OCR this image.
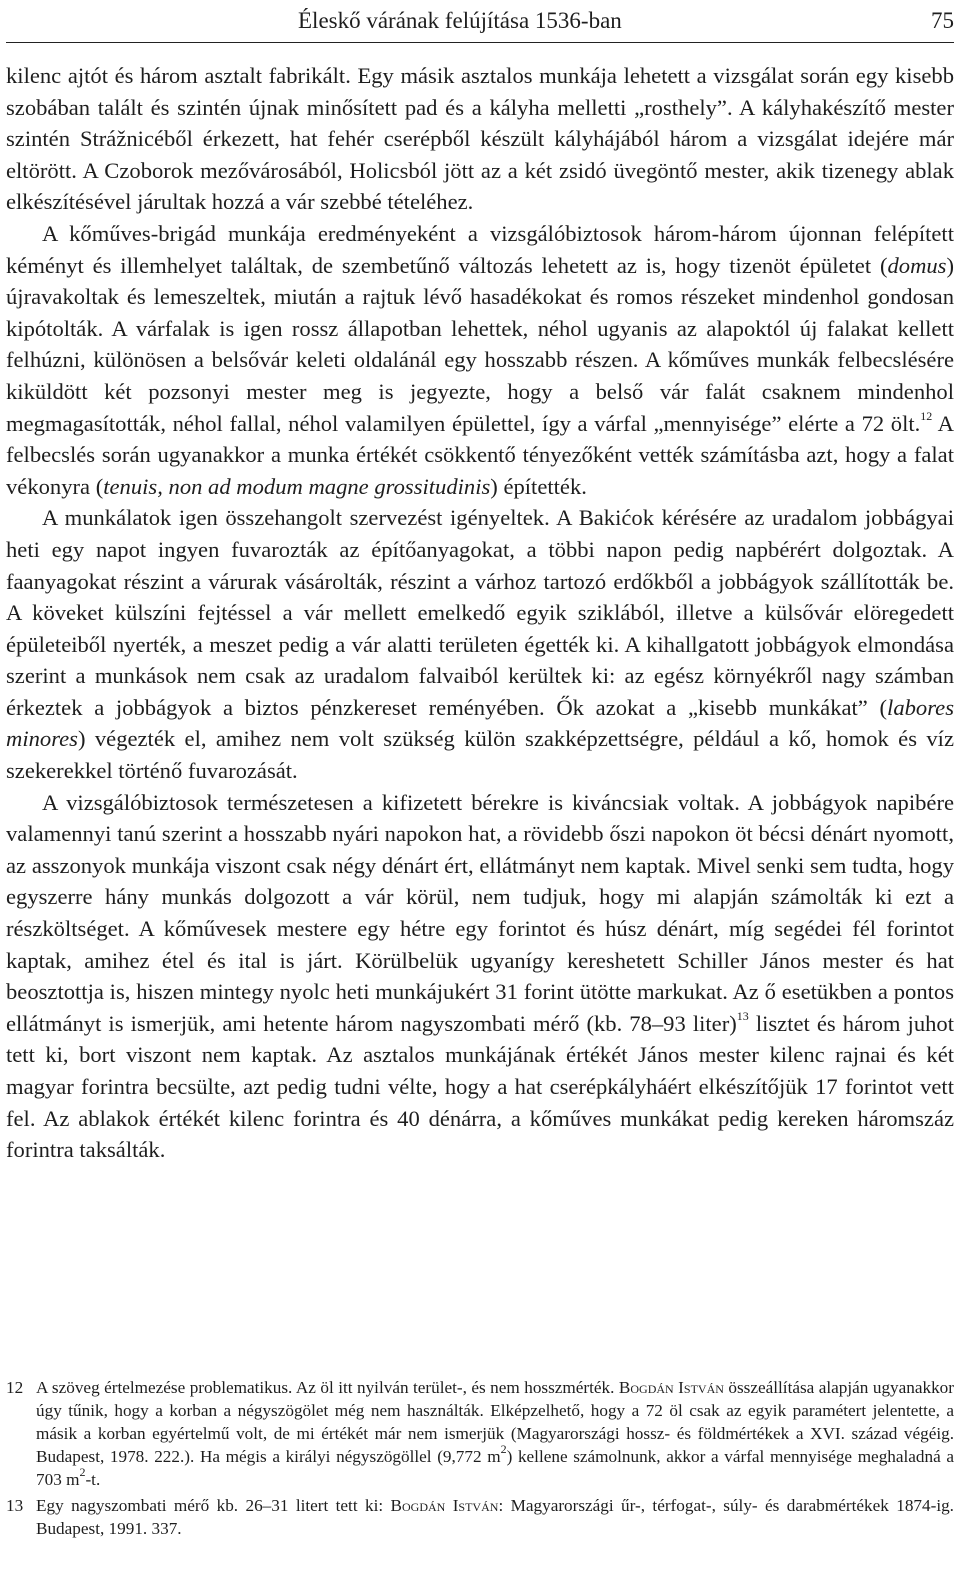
Éleskő várának felújítása 1536-ban	75

kilenc ajtót és három asztalt fabrikált. Egy másik asztalos munkája lehetett a vizsgálat során egy kisebb szobában talált és szintén újnak minősített pad és a kályha melletti „rosthely”. A kályhakészítő mester szintén Strážnicéből érkezett, hat fehér cserépből készült kályhájából három a vizsgálat idejére már eltörött. A Czoborok mezővárosából, Holicsból jött az a két zsidó üvegöntő mester, akik tizenegy ablak elkészítésével járultak hozzá a vár szebbé tételéhez.

A kőműves-brigád munkája eredményeként a vizsgálóbiztosok három-három újonnan felépített kéményt és illemhelyet találtak, de szembetűnő változás lehetett az is, hogy tizenöt épületet (domus) újravakoltak és lemeszeltek, miután a rajtuk lévő hasadékokat és romos részeket mindenhol gondosan kipótolták. A várfalak is igen rossz állapotban lehettek, néhol ugyanis az alapoktól új falakat kellett felhúzni, különösen a belsővár keleti oldalánál egy hosszabb részen. A kőműves munkák felbecslésére kiküldött két pozsonyi mester meg is jegyezte, hogy a belső vár falát csaknem mindenhol megmagasították, néhol fallal, néhol valamilyen épülettel, így a várfal „mennyisége” elérte a 72 ölt.$^{12}$ A felbecslés során ugyanakkor a munka értékét csökkentő tényezőként vették számításba azt, hogy a falat vékonyra (tenuis, non ad modum magne grossitudinis) építették.

A munkálatok igen összehangolt szervezést igényeltek. A Bakićok kérésére az uradalom jobbágyai heti egy napot ingyen fuvarozták az építőanyagokat, a többi napon pedig napbérért dolgoztak. A faanyagokat részint a várurak vásárolták, részint a várhoz tartozó erdőkből a jobbágyok szállították be. A köveket külszíni fejtéssel a vár mellett emelkedő egyik sziklából, illetve a külsővár elöregedett épületeiből nyerték, a meszet pedig a vár alatti területen égették ki. A kihallgatott jobbágyok elmondása szerint a munkások nem csak az uradalom falvaiból kerültek ki: az egész környékről nagy számban érkeztek a jobbágyok a biztos pénzkereset reményében. Ők azokat a „kisebb munkákat” (labores minores) végezték el, amihez nem volt szükség külön szakképzettségre, például a kő, homok és víz szekerekkel történő fuvarozását.

A vizsgálóbiztosok természetesen a kifizetett bérekre is kiváncsiak voltak. A jobbágyok napibére valamennyi tanú szerint a hosszabb nyári napokon hat, a rövidebb őszi napokon öt bécsi dénárt nyomott, az asszonyok munkája viszont csak négy dénárt ért, ellátmányt nem kaptak. Mivel senki sem tudta, hogy egyszerre hány munkás dolgozott a vár körül, nem tudjuk, hogy mi alapján számolták ki ezt a részköltséget. A kőművesek mestere egy hétre egy forintot és húsz dénárt, míg segédei fél forintot kaptak, amihez étel és ital is járt. Körülbelük ugyanígy kereshetett Schiller János mester és hat beosztottja is, hiszen mintegy nyolc heti munkájukért 31 forint ütötte markukat. Az ő esetükben a pontos ellátmányt is ismerjük, ami hetente három nagyszombati mérő (kb. 78–93 liter)$^{13}$ lisztet és három juhot tett ki, bort viszont nem kaptak. Az asztalos munkájának értékét János mester kilenc rajnai és két magyar forintra becsülte, azt pedig tudni vélte, hogy a hat cserépkályháért elkészítőjük 17 forintot vett fel. Az ablakok értékét kilenc forintra és 40 dénárra, a kőműves munkákat pedig kereken háromszáz forintra taksálták.

12 A szöveg értelmezése problematikus. Az öl itt nyilván terület-, és nem hosszmérték. Bogdán István összeállítása alapján ugyanakkor úgy tűnik, hogy a korban a négyszögölet még nem használták. Elképzelhető, hogy a 72 öl csak az egyik paramétert jelentette, a másik a korban egyértelmű volt, de mi értékét már nem ismerjük (Magyarországi hossz- és földmértékek a XVI. század végéig. Budapest, 1978. 222.). Ha mégis a királyi négyszögöllel (9,772 $m^2$) kellene számolnunk, akkor a várfal mennyisége meghaladná a 703 $m^2-t$.
13 Egy nagyszombati mérő kb. 26–31 litert tett ki: Bogdán István: Magyarországi űr-, térfogat-, súly- és darabmértékek 1874-ig. Budapest, 1991. 337.
